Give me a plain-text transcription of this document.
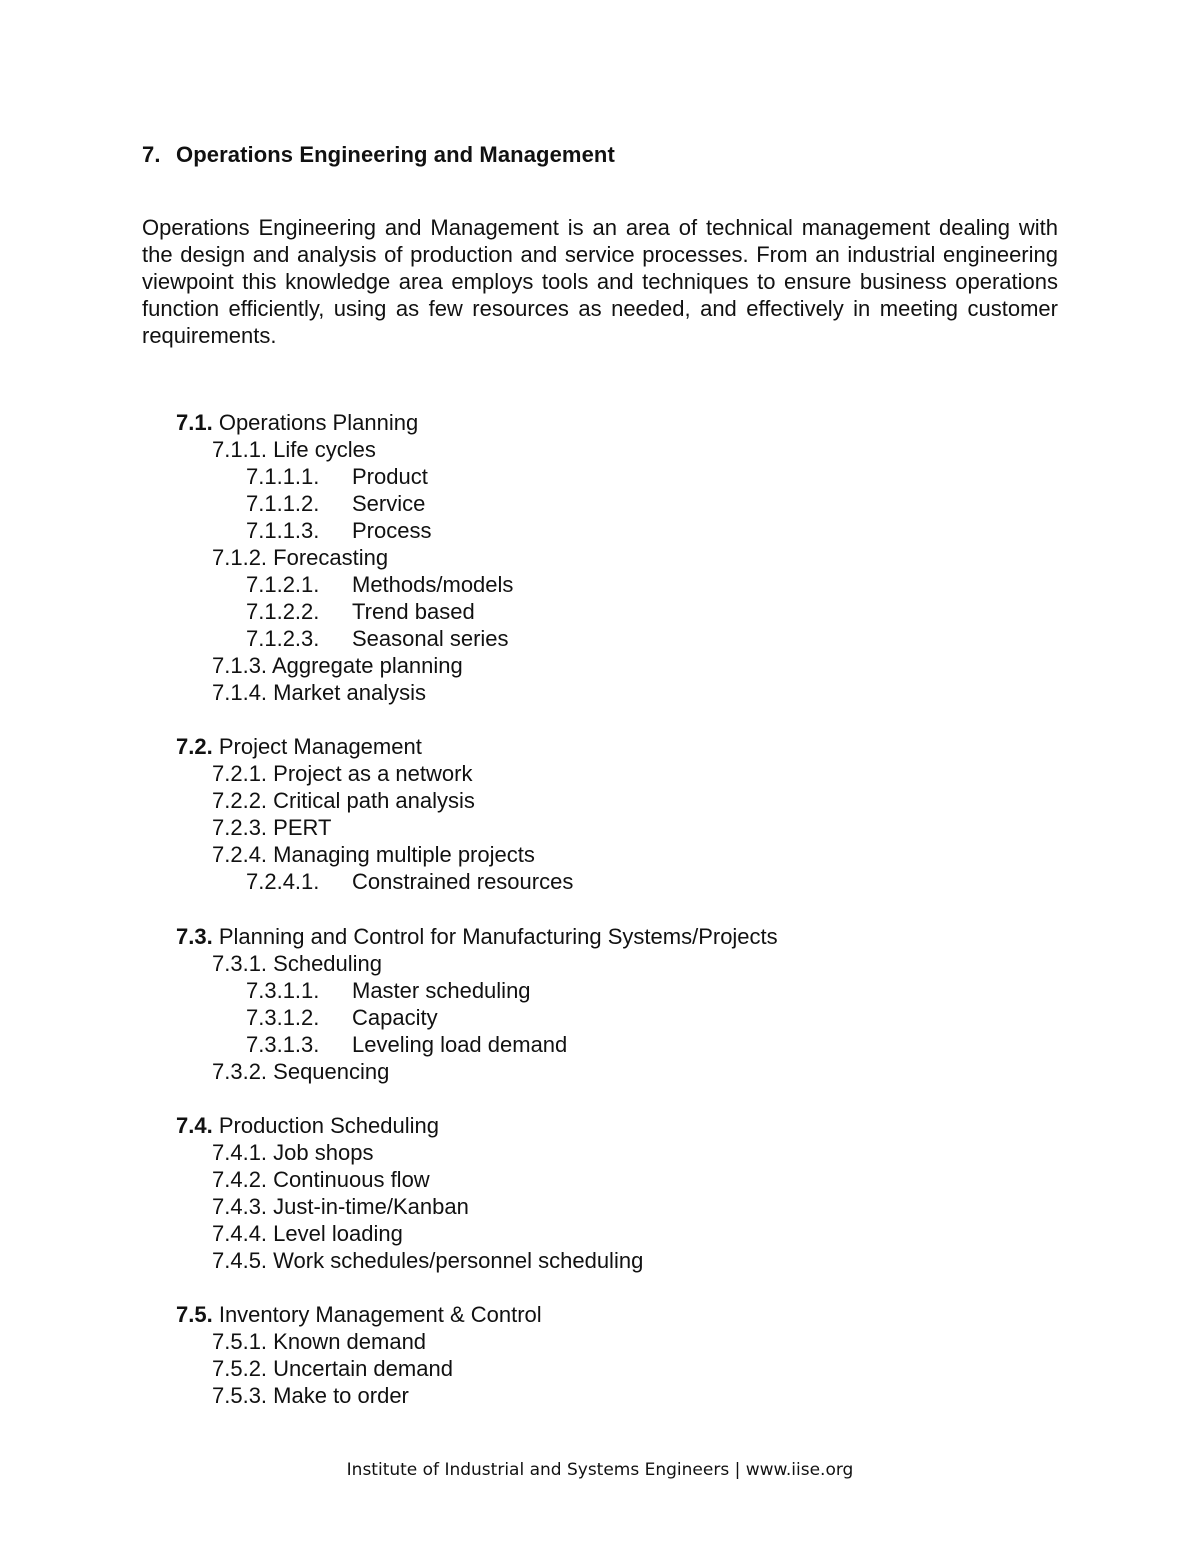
7. Operations Engineering and Management

Operations Engineering and Management is an area of technical management dealing with the design and analysis of production and service processes. From an industrial engineering viewpoint this knowledge area employs tools and techniques to ensure business operations function efficiently, using as few resources as needed, and effectively in meeting customer requirements.

7.1. Operations Planning
7.1.1. Life cycles
7.1.1.1. Product
7.1.1.2. Service
7.1.1.3. Process
7.1.2. Forecasting
7.1.2.1. Methods/models
7.1.2.2. Trend based
7.1.2.3. Seasonal series
7.1.3. Aggregate planning
7.1.4. Market analysis
7.2. Project Management
7.2.1. Project as a network
7.2.2. Critical path analysis
7.2.3. PERT
7.2.4. Managing multiple projects
7.2.4.1. Constrained resources
7.3. Planning and Control for Manufacturing Systems/Projects
7.3.1. Scheduling
7.3.1.1. Master scheduling
7.3.1.2. Capacity
7.3.1.3. Leveling load demand
7.3.2. Sequencing
7.4. Production Scheduling
7.4.1. Job shops
7.4.2. Continuous flow
7.4.3. Just-in-time/Kanban
7.4.4. Level loading
7.4.5. Work schedules/personnel scheduling
7.5. Inventory Management & Control
7.5.1. Known demand
7.5.2. Uncertain demand
7.5.3. Make to order
Institute of Industrial and Systems Engineers | www.iise.org
